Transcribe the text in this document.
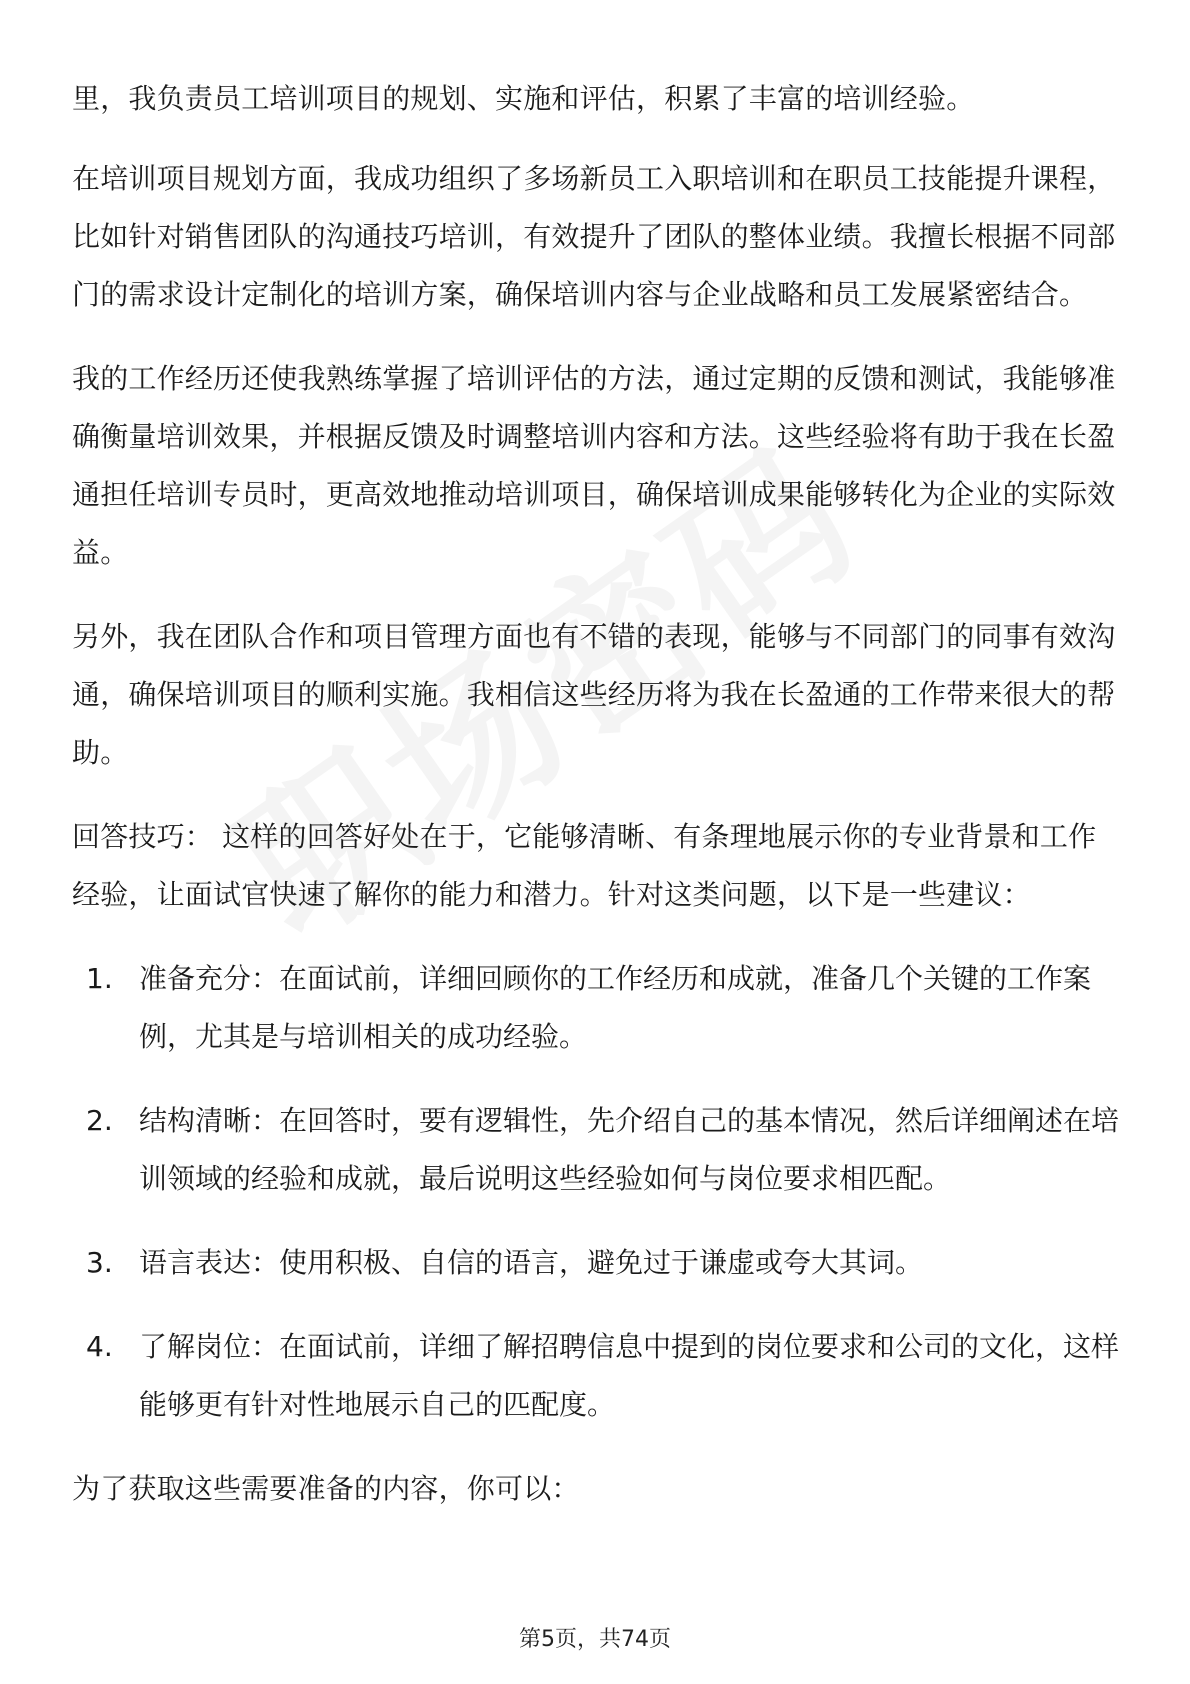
里，我负责员工培训项目的规划、实施和评估，积累了丰富的培训经验。

在培训项目规划方面，我成功组织了多场新员工入职培训和在职员工技能提升课程，比如针对销售团队的沟通技巧培训，有效提升了团队的整体业绩。我擅长根据不同部门的需求设计定制化的培训方案，确保培训内容与企业战略和员工发展紧密结合。

我的工作经历还使我熟练掌握了培训评估的方法，通过定期的反馈和测试，我能够准确衡量培训效果，并根据反馈及时调整培训内容和方法。这些经验将有助于我在长盈通担任培训专员时，更高效地推动培训项目，确保培训成果能够转化为企业的实际效益。

另外，我在团队合作和项目管理方面也有不错的表现，能够与不同部门的同事有效沟通，确保培训项目的顺利实施。我相信这些经历将为我在长盈通的工作带来很大的帮助。

回答技巧： 这样的回答好处在于，它能够清晰、有条理地展示你的专业背景和工作经验，让面试官快速了解你的能力和潜力。针对这类问题，以下是一些建议：

1. 准备充分：在面试前，详细回顾你的工作经历和成就，准备几个关键的工作案例，尤其是与培训相关的成功经验。
2. 结构清晰：在回答时，要有逻辑性，先介绍自己的基本情况，然后详细阐述在培训领域的经验和成就，最后说明这些经验如何与岗位要求相匹配。
3. 语言表达：使用积极、自信的语言，避免过于谦虚或夸大其词。
4. 了解岗位：在面试前，详细了解招聘信息中提到的岗位要求和公司的文化，这样能够更有针对性地展示自己的匹配度。

为了获取这些需要准备的内容，你可以：

第5页，共74页
